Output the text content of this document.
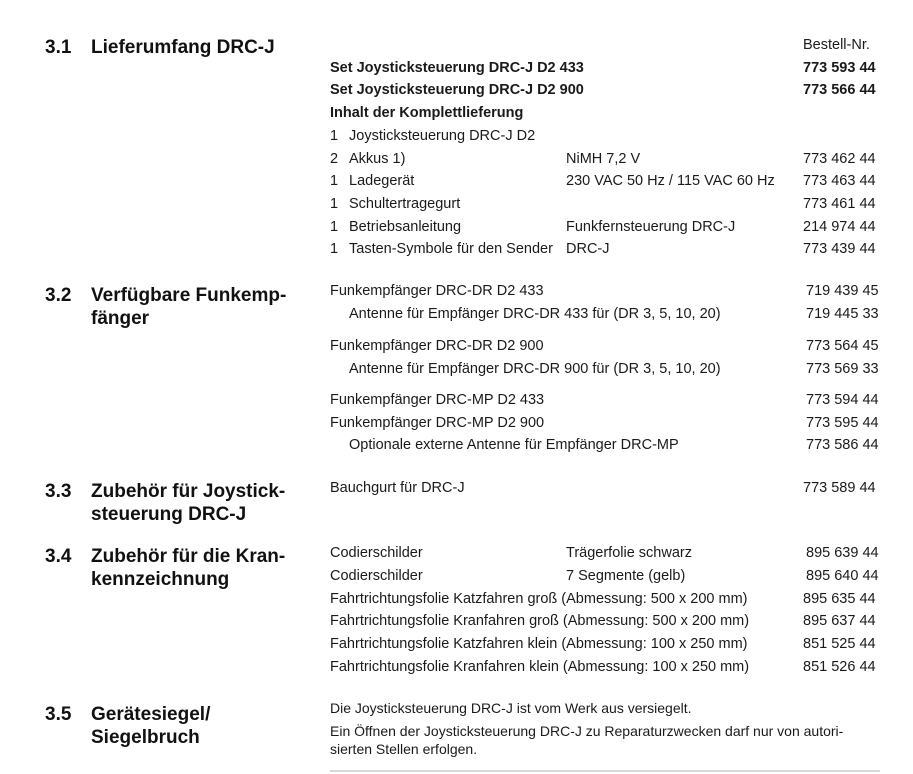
3.1 Lieferumfang DRC-J	Bestell-Nr.
Set Joysticksteuerung DRC-J D2 433	773 593 44
Set Joysticksteuerung DRC-J D2 900	773 566 44
Inhalt der Komplettlieferung
1 Joysticksteuerung DRC-J D2
2 Akkus 1)	NiMH 7,2 V	773 462 44
1 Ladegerät	230 VAC 50 Hz / 115 VAC 60 Hz 773 463 44
1 Schultertragegurt	773 461 44
1 Betriebsanleitung	Funkfernsteuerung DRC-J	214 974 44
1 Tasten-Symbole für den Sender DRC-J	773 439 44
3.2 Verfügbare Funkemp-
fänger
Funkempfänger DRC-DR D2 433	719 439 45
Antenne für Empfänger DRC-DR 433 für (DR 3, 5, 10, 20)	719 445 33
Funkempfänger DRC-DR D2 900	773 564 45
Antenne für Empfänger DRC-DR 900 für (DR 3, 5, 10, 20)	773 569 33
Funkempfänger DRC-MP D2 433	773 594 44
Funkempfänger DRC-MP D2 900	773 595 44
Optionale externe Antenne für Empfänger DRC-MP	773 586 44
3.3 Zubehör für Joystick-
steuerung DRC-J
Bauchgurt für DRC-J	773 589 44
3.4 Zubehör für die Kran-
kennzeichnung
Codierschilder	Trägerfolie schwarz	895 639 44
Codierschilder	7 Segmente (gelb)	895 640 44
Fahrtrichtungsfolie Katzfahren groß (Abmessung: 500 x 200 mm)	895 635 44
Fahrtrichtungsfolie Kranfahren groß (Abmessung: 500 x 200 mm)	895 637 44
Fahrtrichtungsfolie Katzfahren klein (Abmessung: 100 x 250 mm)	851 525 44
Fahrtrichtungsfolie Kranfahren klein (Abmessung: 100 x 250 mm)	851 526 44
3.5 Gerätesiegel/
Siegelbruch
Die Joysticksteuerung DRC-J ist vom Werk aus versiegelt.
Ein Öffnen der Joysticksteuerung DRC-J zu Reparaturzwecken darf nur von autori-
sierten Stellen erfolgen.
